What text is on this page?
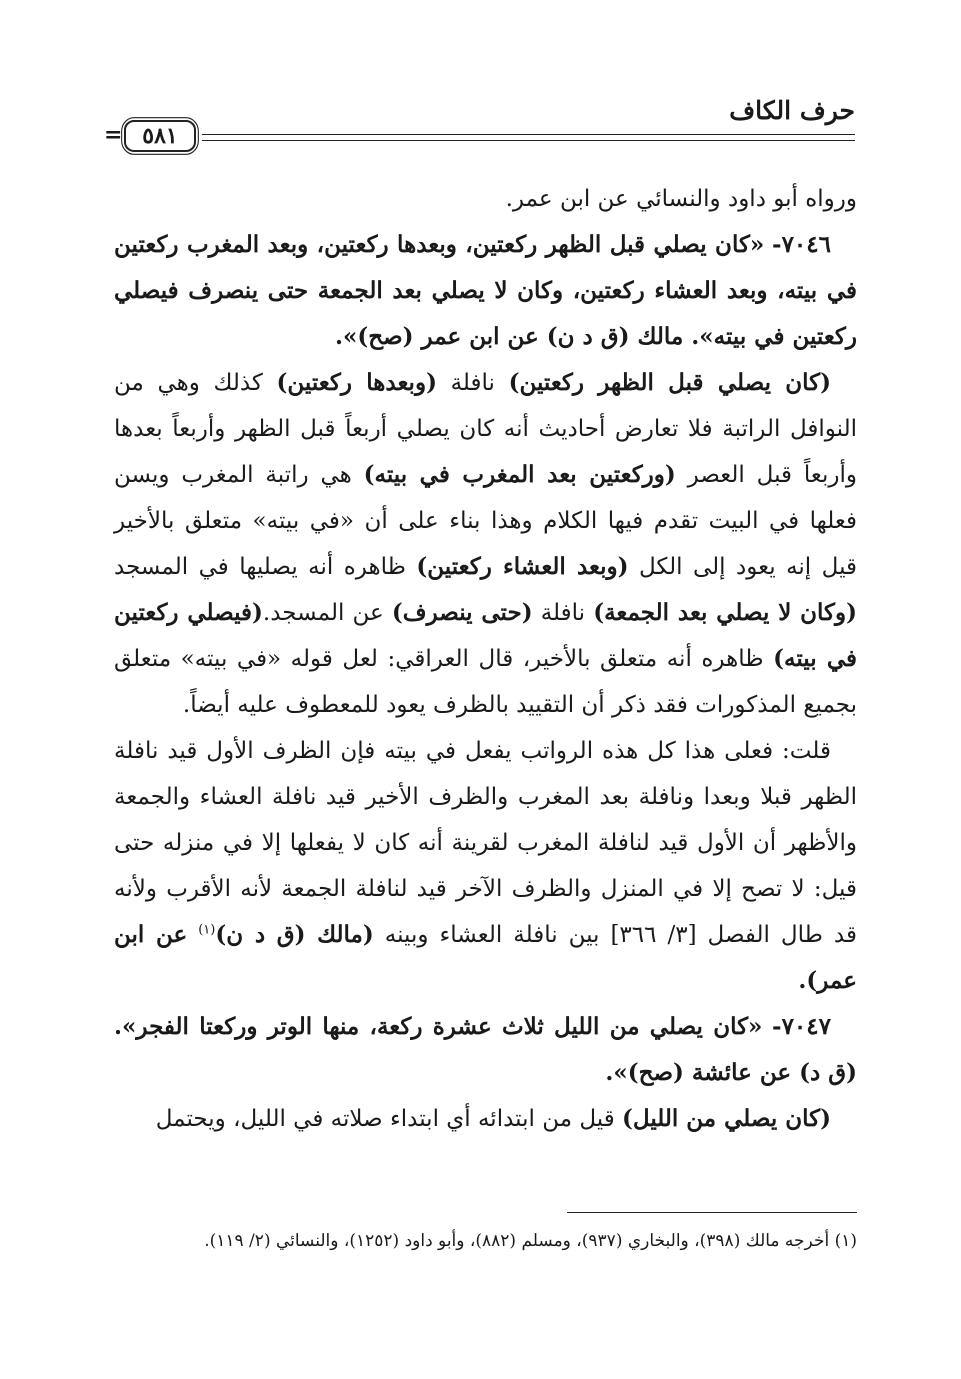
حرف الكاف
= ٥٨١

ورواه أبو داود والنسائي عن ابن عمر.

٧٠٤٦- «كان يصلي قبل الظهر ركعتين، وبعدها ركعتين، وبعد المغرب ركعتين في بيته، وبعد العشاء ركعتين، وكان لا يصلي بعد الجمعة حتى ينصرف فيصلي ركعتين في بيته». مالك (ق د ن) عن ابن عمر (صح)».

(كان يصلي قبل الظهر ركعتين) نافلة (وبعدها ركعتين) كذلك وهي من النوافل الراتبة فلا تعارض أحاديث أنه كان يصلي أربعاً قبل الظهر وأربعاً بعدها وأربعاً قبل العصر (وركعتين بعد المغرب في بيته) هي راتبة المغرب ويسن فعلها في البيت تقدم فيها الكلام وهذا بناء على أن «في بيته» متعلق بالأخير قيل إنه يعود إلى الكل (وبعد العشاء ركعتين) ظاهره أنه يصليها في المسجد (وكان لا يصلي بعد الجمعة) نافلة (حتى ينصرف) عن المسجد.(فيصلي ركعتين في بيته) ظاهره أنه متعلق بالأخير، قال العراقي: لعل قوله «في بيته» متعلق بجميع المذكورات فقد ذكر أن التقييد بالظرف يعود للمعطوف عليه أيضاً.

قلت: فعلى هذا كل هذه الرواتب يفعل في بيته فإن الظرف الأول قيد نافلة الظهر قبلا وبعدا ونافلة بعد المغرب والظرف الأخير قيد نافلة العشاء والجمعة والأظهر أن الأول قيد لنافلة المغرب لقرينة أنه كان لا يفعلها إلا في منزله حتى قيل: لا تصح إلا في المنزل والظرف الآخر قيد لنافلة الجمعة لأنه الأقرب ولأنه قد طال الفصل [٣/ ٣٦٦] بين نافلة العشاء وبينه (مالك (ق د ن)$^{(١)}$ عن ابن عمر).

٧٠٤٧- «كان يصلي من الليل ثلاث عشرة ركعة، منها الوتر وركعتا الفجر». (ق د) عن عائشة (صح)».

(كان يصلي من الليل) قيل من ابتدائه أي ابتداء صلاته في الليل، ويحتمل

(١) أخرجه مالك (٣٩٨)، والبخاري (٩٣٧)، ومسلم (٨٨٢)، وأبو داود (١٢٥٢)، والنسائي (٢/ ١١٩).
